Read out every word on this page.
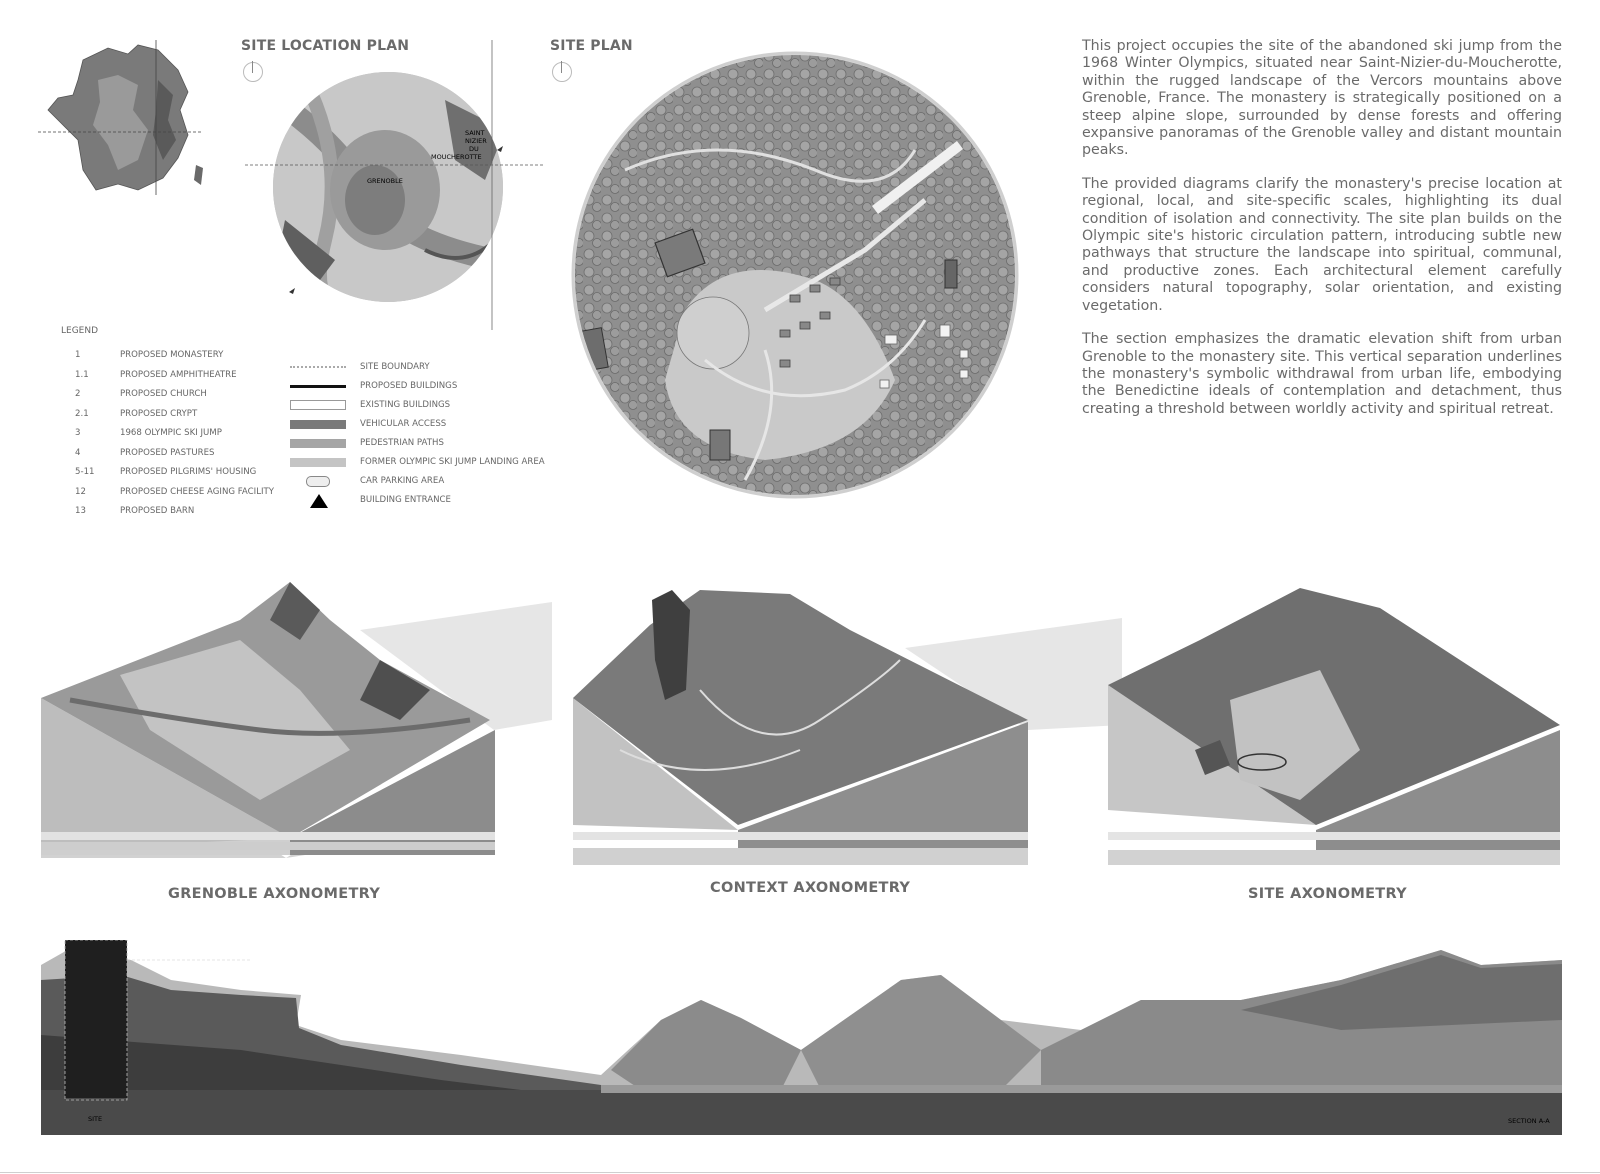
SITE LOCATION PLAN
SAINT
NIZIER
DU
MOUCHEROTTE
GRENOBLE
SITE PLAN	This project occupies the site of the abandoned ski jump from the 1968 Winter Olympics, situated near Saint-Nizier-du-Moucherotte, within the rugged landscape of the Vercors mountains above Grenoble, France. The monastery is strategically positioned on a steep alpine slope, surrounded by dense forests and offering expansive panoramas of the Grenoble valley and distant mountain peaks.

The provided diagrams clarify the monastery's precise location at regional, local, and site-specific scales, highlighting its dual condition of isolation and connectivity. The site plan builds on the Olympic site's historic circulation pattern, introducing subtle new pathways that structure the landscape into spiritual, communal, and productive zones. Each architectural element carefully considers natural topography, solar orientation, and existing vegetation.

The section emphasizes the dramatic elevation shift from urban Grenoble to the monastery site. This vertical separation underlines the monastery's symbolic withdrawal from urban life, embodying the Benedictine ideals of contemplation and detachment, thus creating a threshold between worldly activity and spiritual retreat.

LEGEND
1	PROPOSED MONASTERY
1.1	PROPOSED AMPHITHEATRE
2	PROPOSED CHURCH
2.1	PROPOSED CRYPT
3	1968 OLYMPIC SKI JUMP
4	PROPOSED PASTURES
5-11	PROPOSED PILGRIMS' HOUSING
12	PROPOSED CHEESE AGING FACILITY
13	PROPOSED BARN
SITE BOUNDARY
PROPOSED BUILDINGS
EXISTING BUILDINGS
VEHICULAR ACCESS
PEDESTRIAN PATHS
FORMER OLYMPIC SKI JUMP LANDING AREA
CAR PARKING AREA
BUILDING ENTRANCE
GRENOBLE AXONOMETRY	CONTEXT AXONOMETRY	SITE AXONOMETRY
SITE	SECTION A-A
